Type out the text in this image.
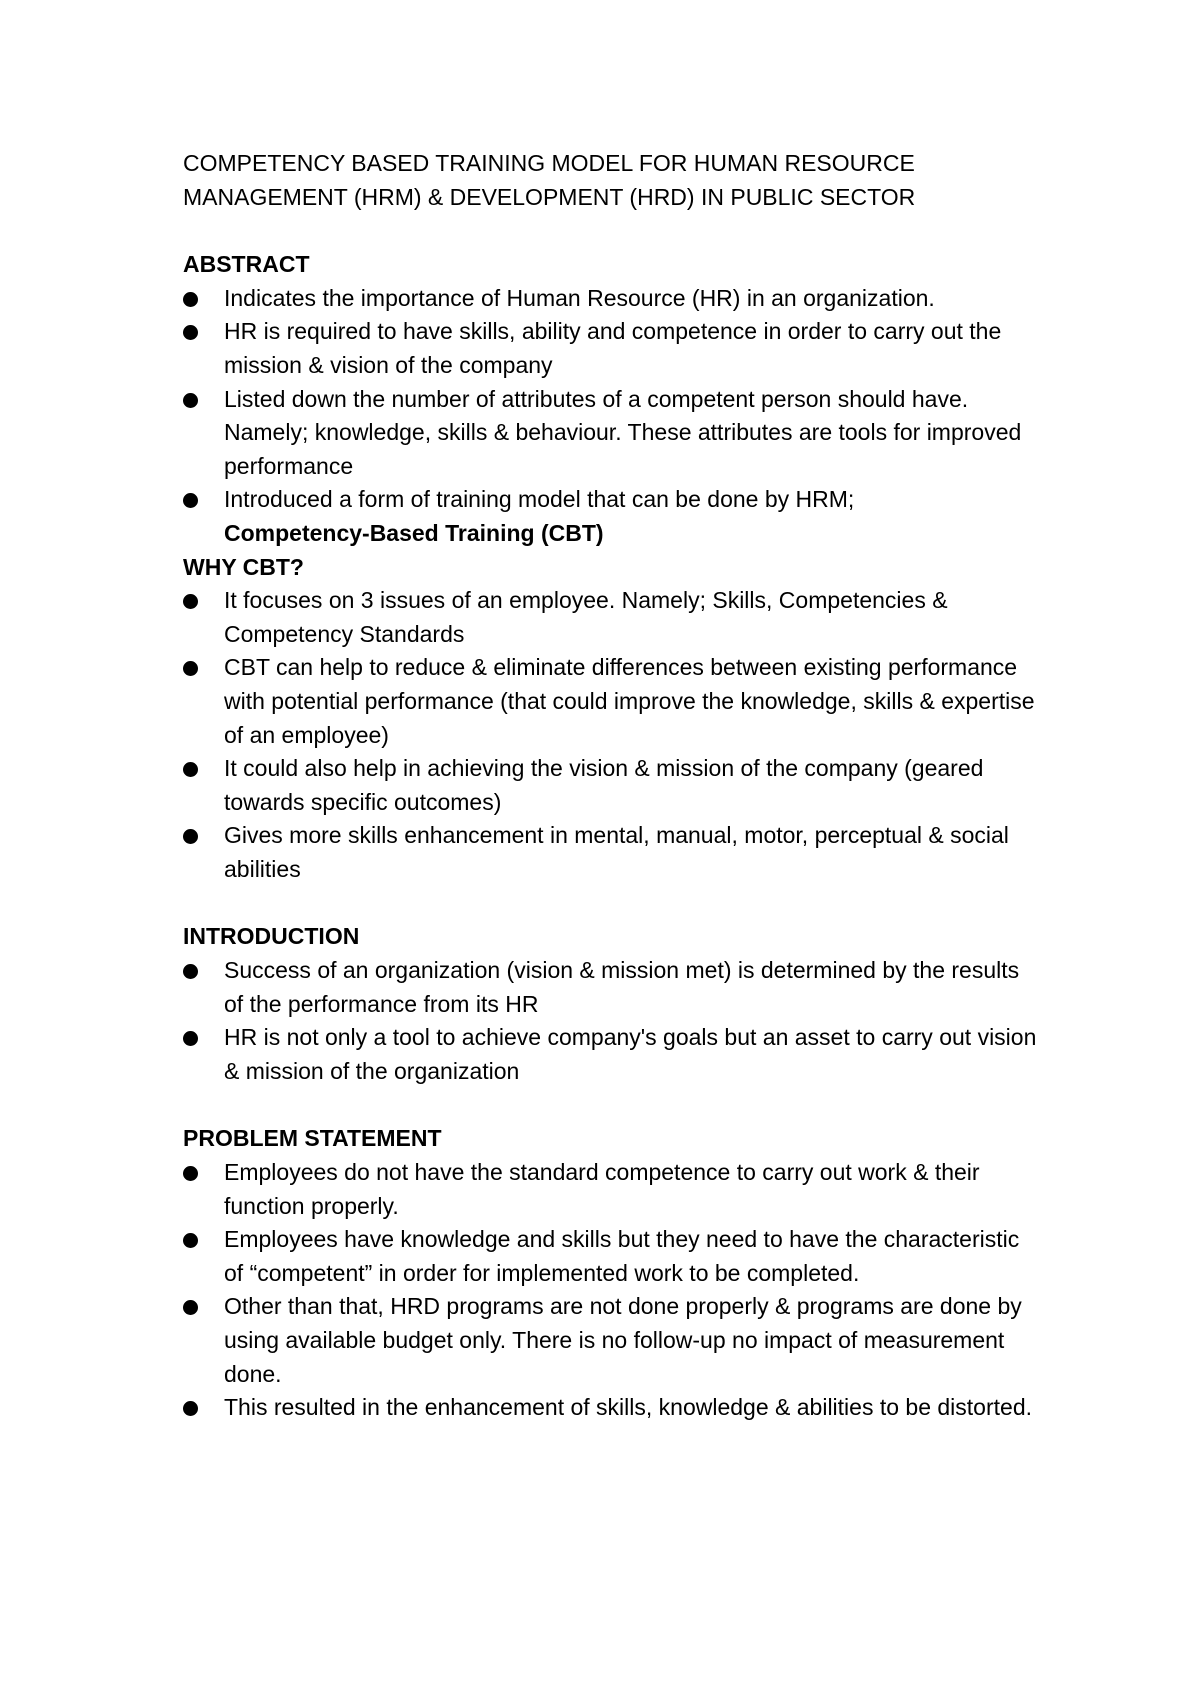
COMPETENCY BASED TRAINING MODEL FOR HUMAN RESOURCE

MANAGEMENT (HRM) & DEVELOPMENT (HRD) IN PUBLIC SECTOR

ABSTRACT
Indicates the importance of Human Resource (HR) in an organization.
HR is required to have skills, ability and competence in order to carry out the mission & vision of the company
Listed down the number of attributes of a competent person should have. Namely; knowledge, skills & behaviour. These attributes are tools for improved performance
Introduced a form of training model that can be done by HRM;
Competency-Based Training (CBT)
WHY CBT?
It focuses on 3 issues of an employee. Namely; Skills, Competencies & Competency Standards
CBT can help to reduce & eliminate differences between existing performance with potential performance (that could improve the knowledge, skills & expertise of an employee)
It could also help in achieving the vision & mission of the company (geared towards specific outcomes)
Gives more skills enhancement in mental, manual, motor, perceptual & social abilities
INTRODUCTION
Success of an organization (vision & mission met) is determined by the results of the performance from its HR
HR is not only a tool to achieve company's goals but an asset to carry out vision & mission of the organization
PROBLEM STATEMENT
Employees do not have the standard competence to carry out work & their function properly.
Employees have knowledge and skills but they need to have the characteristic of “competent” in order for implemented work to be completed.
Other than that, HRD programs are not done properly & programs are done by using available budget only. There is no follow-up no impact of measurement done.
This resulted in the enhancement of skills, knowledge & abilities to be distorted.
